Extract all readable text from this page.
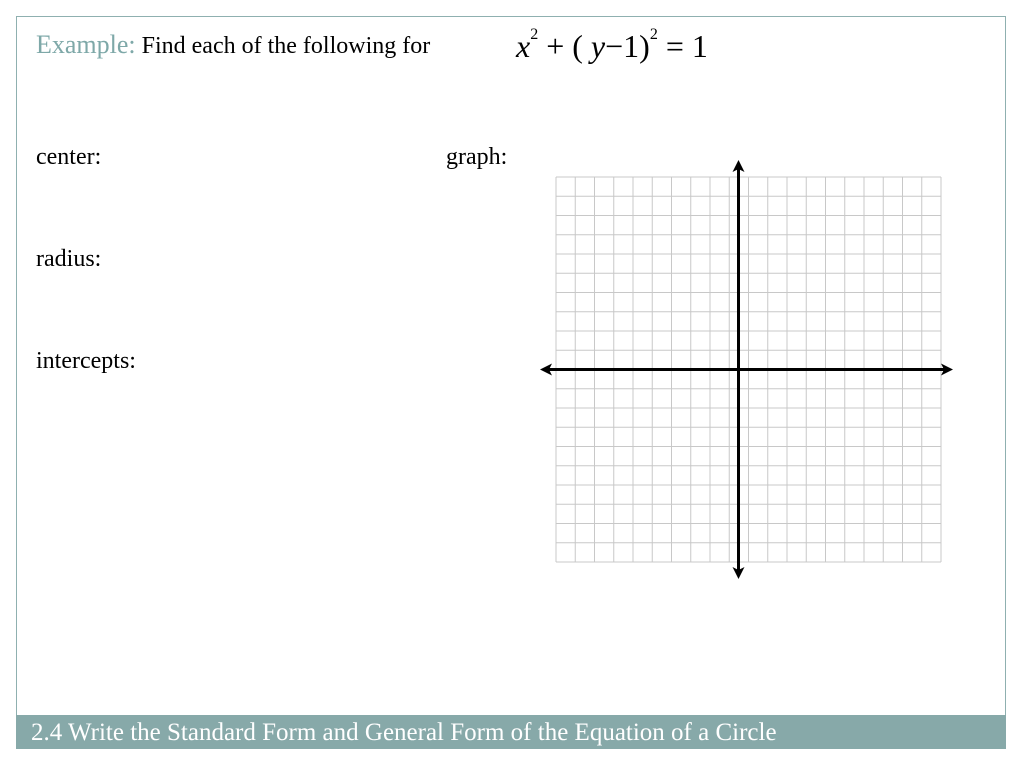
Example: Find each of the following for	$x^2$ + ( y−1)$^2$ = 1
center:
radius:
intercepts:
graph:
2.4 Write the Standard Form and General Form of the Equation of a Circle
